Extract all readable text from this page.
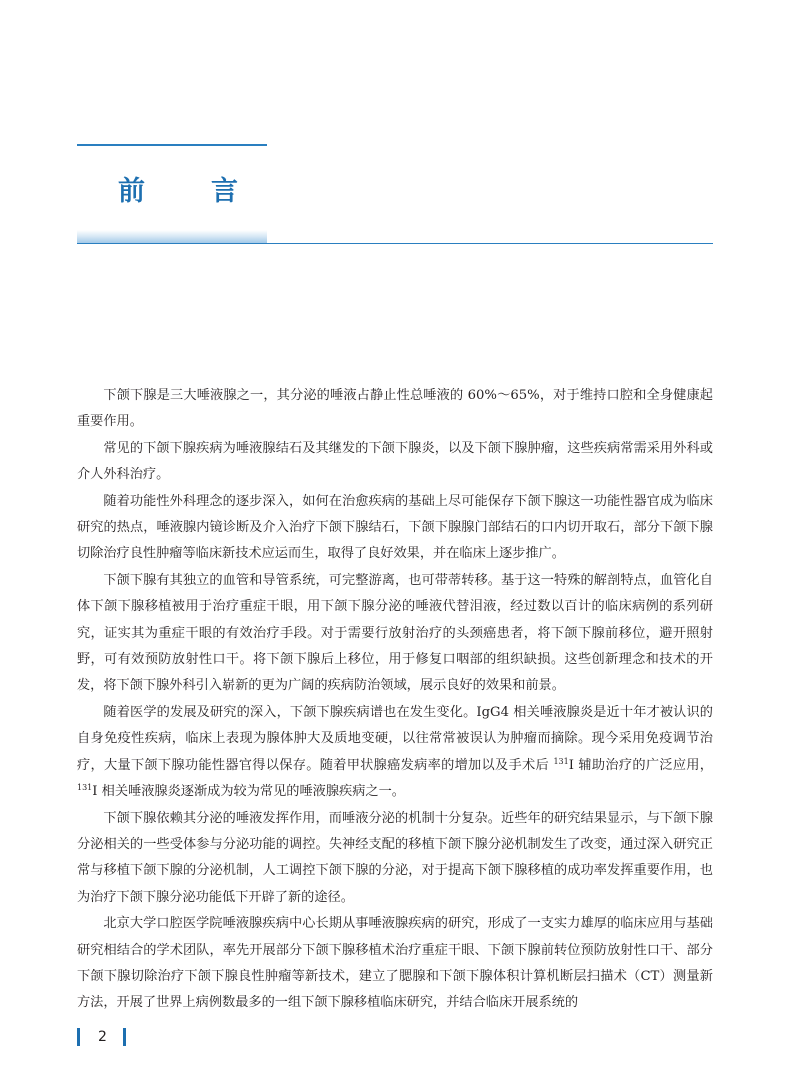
前 言

下颌下腺是三大唾液腺之一，其分泌的唾液占静止性总唾液的 60%～65%，对于维持口腔和全身健康起重要作用。

常见的下颌下腺疾病为唾液腺结石及其继发的下颌下腺炎，以及下颌下腺肿瘤，这些疾病常需采用外科或介人外科治疗。

随着功能性外科理念的逐步深入，如何在治愈疾病的基础上尽可能保存下颌下腺这一功能性器官成为临床研究的热点，唾液腺内镜诊断及介入治疗下颌下腺结石，下颌下腺腺门部结石的口内切开取石，部分下颌下腺切除治疗良性肿瘤等临床新技术应运而生，取得了良好效果，并在临床上逐步推广。

下颌下腺有其独立的血管和导管系统，可完整游离，也可带蒂转移。基于这一特殊的解剖特点，血管化自体下颌下腺移植被用于治疗重症干眼，用下颌下腺分泌的唾液代替泪液，经过数以百计的临床病例的系列研究，证实其为重症干眼的有效治疗手段。对于需要行放射治疗的头颈癌患者，将下颌下腺前移位，避开照射野，可有效预防放射性口干。将下颌下腺后上移位，用于修复口咽部的组织缺损。这些创新理念和技术的开发，将下颌下腺外科引入崭新的更为广阔的疾病防治领域，展示良好的效果和前景。

随着医学的发展及研究的深入，下颌下腺疾病谱也在发生变化。IgG4 相关唾液腺炎是近十年才被认识的自身免疫性疾病，临床上表现为腺体肿大及质地变硬，以往常常被误认为肿瘤而摘除。现今采用免疫调节治疗，大量下颌下腺功能性器官得以保存。随着甲状腺癌发病率的增加以及手术后 $^{131}$I 辅助治疗的广泛应用，$^{131}$I 相关唾液腺炎逐渐成为较为常见的唾液腺疾病之一。

下颌下腺依赖其分泌的唾液发挥作用，而唾液分泌的机制十分复杂。近些年的研究结果显示，与下颌下腺分泌相关的一些受体参与分泌功能的调控。失神经支配的移植下颌下腺分泌机制发生了改变，通过深入研究正常与移植下颌下腺的分泌机制，人工调控下颌下腺的分泌，对于提高下颌下腺移植的成功率发挥重要作用，也为治疗下颌下腺分泌功能低下开辟了新的途径。

北京大学口腔医学院唾液腺疾病中心长期从事唾液腺疾病的研究，形成了一支实力雄厚的临床应用与基础研究相结合的学术团队，率先开展部分下颌下腺移植术治疗重症干眼、下颌下腺前转位预防放射性口干、部分下颌下腺切除治疗下颌下腺良性肿瘤等新技术，建立了腮腺和下颌下腺体积计算机断层扫描术（CT）测量新方法，开展了世界上病例数最多的一组下颌下腺移植临床研究，并结合临床开展系统的

2
